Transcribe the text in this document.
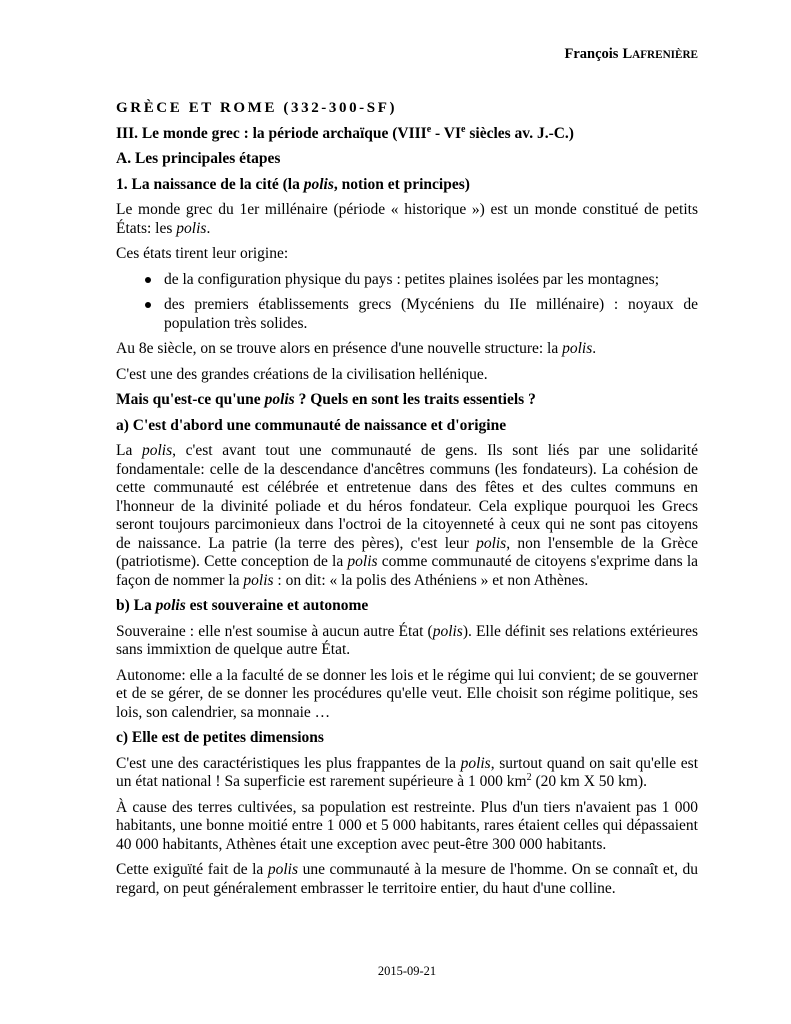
François LAFRENIÈRE

GRÈCE ET ROME (332-300-SF)

III. Le monde grec : la période archaïque (VIIIe - VIe siècles av. J.-C.)

A. Les principales étapes

1. La naissance de la cité (la polis, notion et principes)

Le monde grec du 1er millénaire (période « historique ») est un monde constitué de petits États: les polis.

Ces états tirent leur origine:

de la configuration physique du pays : petites plaines isolées par les montagnes;
des premiers établissements grecs (Mycéniens du IIe millénaire) : noyaux de population très solides.

Au 8e siècle, on se trouve alors en présence d'une nouvelle structure: la polis.

C'est une des grandes créations de la civilisation hellénique.

Mais qu'est-ce qu'une polis ? Quels en sont les traits essentiels ?

a) C'est d'abord une communauté de naissance et d'origine

La polis, c'est avant tout une communauté de gens. Ils sont liés par une solidarité fondamentale: celle de la descendance d'ancêtres communs (les fondateurs). La cohésion de cette communauté est célébrée et entretenue dans des fêtes et des cultes communs en l'honneur de la divinité poliade et du héros fondateur. Cela explique pourquoi les Grecs seront toujours parcimonieux dans l'octroi de la citoyenneté à ceux qui ne sont pas citoyens de naissance. La patrie (la terre des pères), c'est leur polis, non l'ensemble de la Grèce (patriotisme). Cette conception de la polis comme communauté de citoyens s'exprime dans la façon de nommer la polis : on dit: « la polis des Athéniens » et non Athènes.

b) La polis est souveraine et autonome

Souveraine : elle n'est soumise à aucun autre État (polis). Elle définit ses relations extérieures sans immixtion de quelque autre État.

Autonome: elle a la faculté de se donner les lois et le régime qui lui convient; de se gouverner et de se gérer, de se donner les procédures qu'elle veut. Elle choisit son régime politique, ses lois, son calendrier, sa monnaie …

c) Elle est de petites dimensions

C'est une des caractéristiques les plus frappantes de la polis, surtout quand on sait qu'elle est un état national ! Sa superficie est rarement supérieure à 1 000 $km^2$ (20 km X 50 km).

À cause des terres cultivées, sa population est restreinte. Plus d'un tiers n'avaient pas 1 000 habitants, une bonne moitié entre 1 000 et 5 000 habitants, rares étaient celles qui dépassaient 40 000 habitants, Athènes était une exception avec peut-être 300 000 habitants.

Cette exiguïté fait de la polis une communauté à la mesure de l'homme. On se connaît et, du regard, on peut généralement embrasser le territoire entier, du haut d'une colline.

2015-09-21
